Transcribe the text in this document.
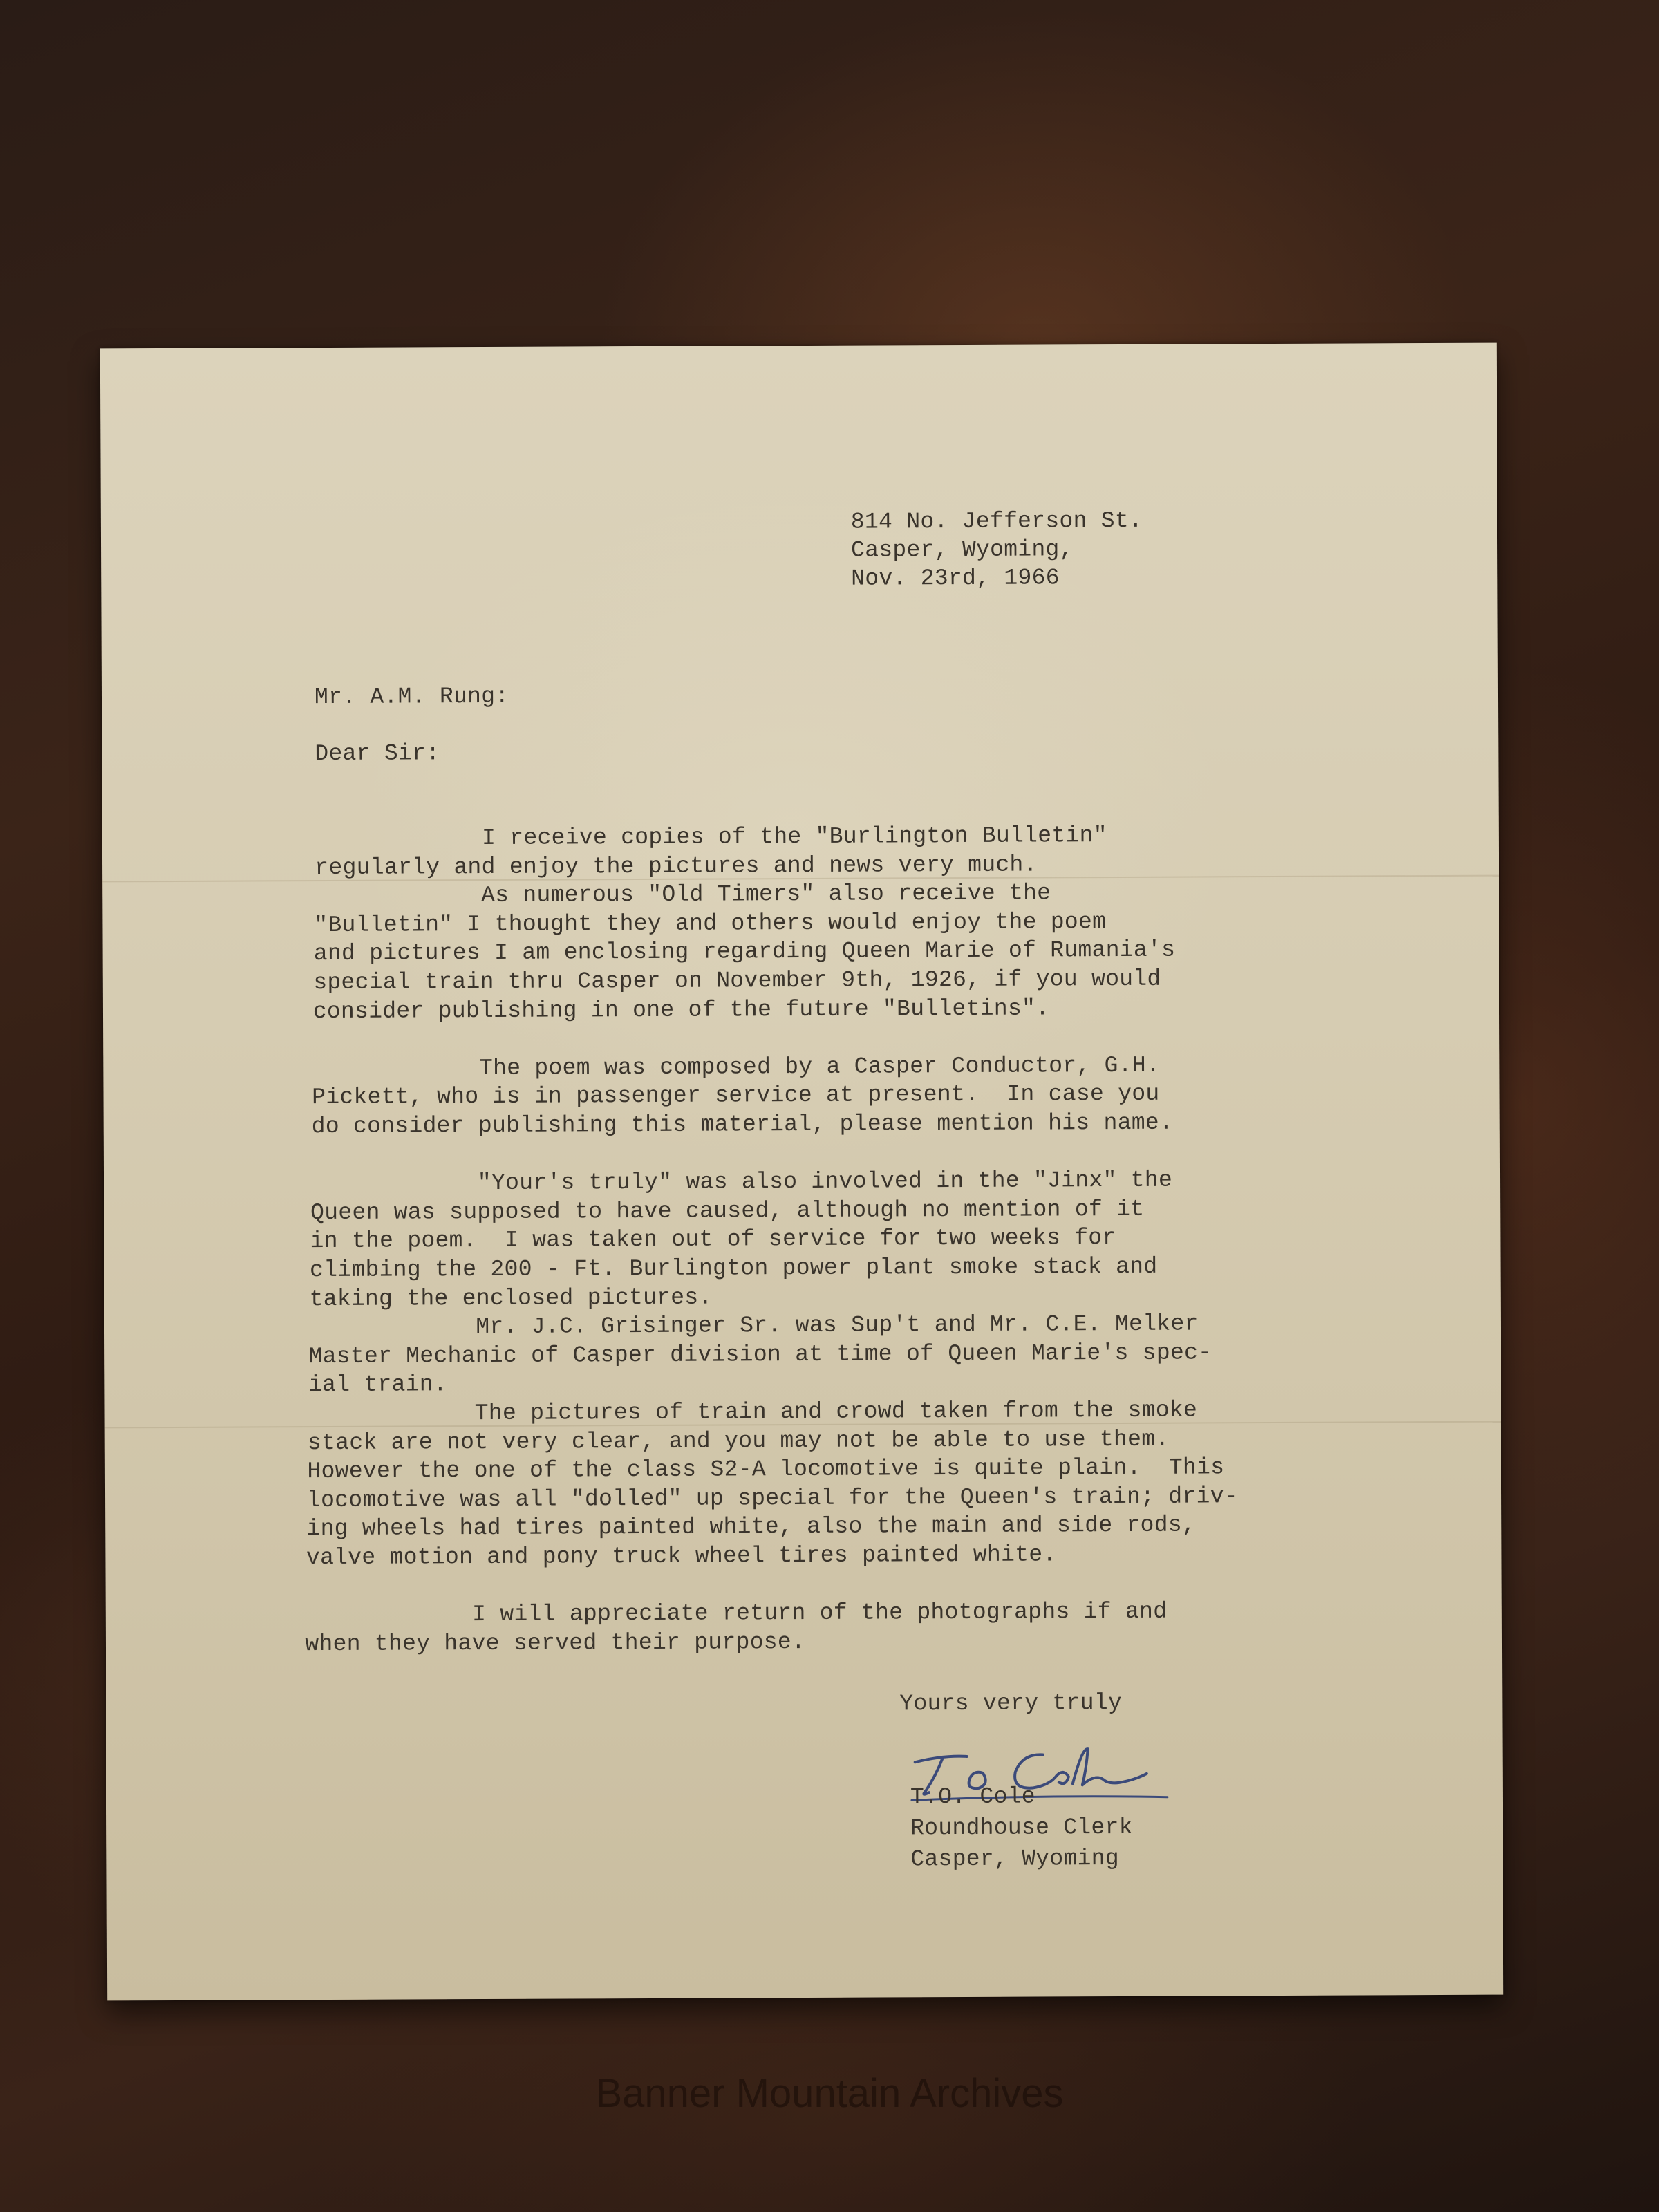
814 No. Jefferson St.
Casper, Wyoming,
Nov. 23rd, 1966
Mr. A.M. Rung:
Dear Sir:
I receive copies of the "Burlington Bulletin"
regularly and enjoy the pictures and news very much.
As numerous "Old Timers" also receive the
"Bulletin" I thought they and others would enjoy the poem
and pictures I am enclosing regarding Queen Marie of Rumania's
special train thru Casper on November 9th, 1926, if you would
consider publishing in one of the future "Bulletins".
The poem was composed by a Casper Conductor, G.H.
Pickett, who is in passenger service at present.  In case you
do consider publishing this material, please mention his name.
"Your's truly" was also involved in the "Jinx" the
Queen was supposed to have caused, although no mention of it
in the poem.  I was taken out of service for two weeks for
climbing the 200 - Ft. Burlington power plant smoke stack and
taking the enclosed pictures.
Mr. J.C. Grisinger Sr. was Sup't and Mr. C.E. Melker
Master Mechanic of Casper division at time of Queen Marie's spec-
ial train.
The pictures of train and crowd taken from the smoke
stack are not very clear, and you may not be able to use them.
However the one of the class S2-A locomotive is quite plain.  This
locomotive was all "dolled" up special for the Queen's train; driv-
ing wheels had tires painted white, also the main and side rods,
valve motion and pony truck wheel tires painted white.
I will appreciate return of the photographs if and
when they have served their purpose.
Yours very truly
T.O. Cole
Roundhouse Clerk
Casper, Wyoming
Banner Mountain Archives
